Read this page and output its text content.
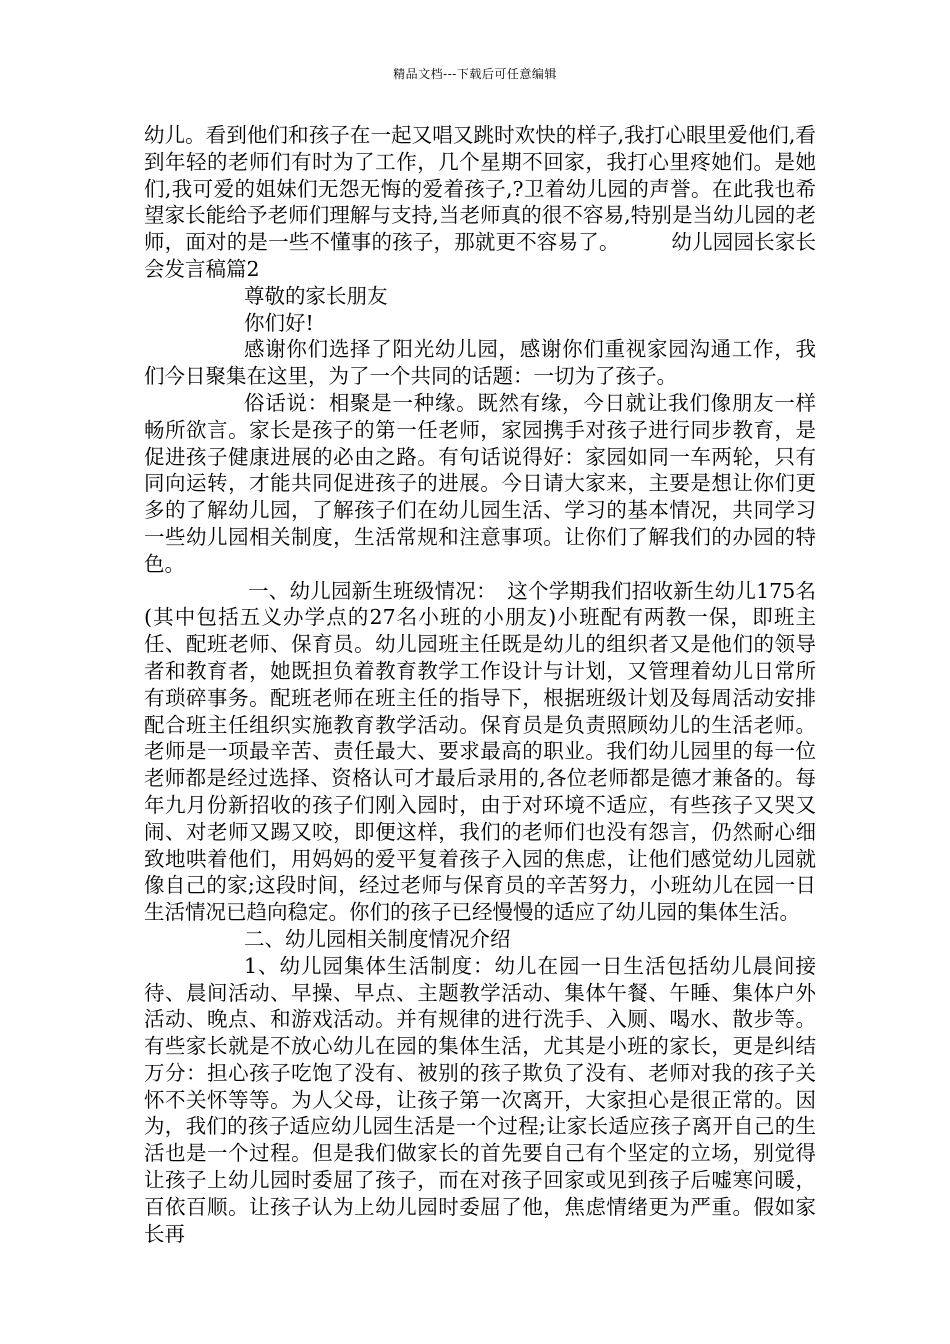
精品文档---下载后可任意编辑

幼儿。看到他们和孩子在一起又唱又跳时欢快的样子,我打心眼里爱他们,看到年轻的老师们有时为了工作，几个星期不回家，我打心里疼她们。是她们,我可爱的姐妹们无怨无悔的爱着孩子,?卫着幼儿园的声誉。在此我也希望家长能给予老师们理解与支持,当老师真的很不容易,特别是当幼儿园的老师，面对的是一些不懂事的孩子，那就更不容易了。　　　幼儿园园长家长会发言稿篇2

尊敬的家长朋友

你们好!

感谢你们选择了阳光幼儿园，感谢你们重视家园沟通工作，我们今日聚集在这里，为了一个共同的话题：一切为了孩子。

俗话说：相聚是一种缘。既然有缘，今日就让我们像朋友一样畅所欲言。家长是孩子的第一任老师，家园携手对孩子进行同步教育，是促进孩子健康进展的必由之路。有句话说得好：家园如同一车两轮，只有同向运转，才能共同促进孩子的进展。今日请大家来，主要是想让你们更多的了解幼儿园，了解孩子们在幼儿园生活、学习的基本情况，共同学习一些幼儿园相关制度，生活常规和注意事项。让你们了解我们的办园的特色。

一、幼儿园新生班级情况：　这个学期我们招收新生幼儿175名(其中包括五义办学点的27名小班的小朋友)小班配有两教一保，即班主任、配班老师、保育员。幼儿园班主任既是幼儿的组织者又是他们的领导者和教育者，她既担负着教育教学工作设计与计划，又管理着幼儿日常所有琐碎事务。配班老师在班主任的指导下，根据班级计划及每周活动安排配合班主任组织实施教育教学活动。保育员是负责照顾幼儿的生活老师。老师是一项最辛苦、责任最大、要求最高的职业。我们幼儿园里的每一位老师都是经过选择、资格认可才最后录用的,各位老师都是德才兼备的。每年九月份新招收的孩子们刚入园时，由于对环境不适应，有些孩子又哭又闹、对老师又踢又咬，即便这样，我们的老师们也没有怨言，仍然耐心细致地哄着他们，用妈妈的爱平复着孩子入园的焦虑，让他们感觉幼儿园就像自己的家;这段时间，经过老师与保育员的辛苦努力，小班幼儿在园一日生活情况已趋向稳定。你们的孩子已经慢慢的适应了幼儿园的集体生活。

二、幼儿园相关制度情况介绍

1、幼儿园集体生活制度：幼儿在园一日生活包括幼儿晨间接待、晨间活动、早操、早点、主题教学活动、集体午餐、午睡、集体户外活动、晚点、和游戏活动。并有规律的进行洗手、入厕、喝水、散步等。有些家长就是不放心幼儿在园的集体生活，尤其是小班的家长，更是纠结万分：担心孩子吃饱了没有、被别的孩子欺负了没有、老师对我的孩子关怀不关怀等等。为人父母，让孩子第一次离开，大家担心是很正常的。因为，我们的孩子适应幼儿园生活是一个过程;让家长适应孩子离开自己的生活也是一个过程。但是我们做家长的首先要自己有个坚定的立场，别觉得让孩子上幼儿园时委屈了孩子，而在对孩子回家或见到孩子后嘘寒问暖，百依百顺。让孩子认为上幼儿园时委屈了他，焦虑情绪更为严重。假如家长再
